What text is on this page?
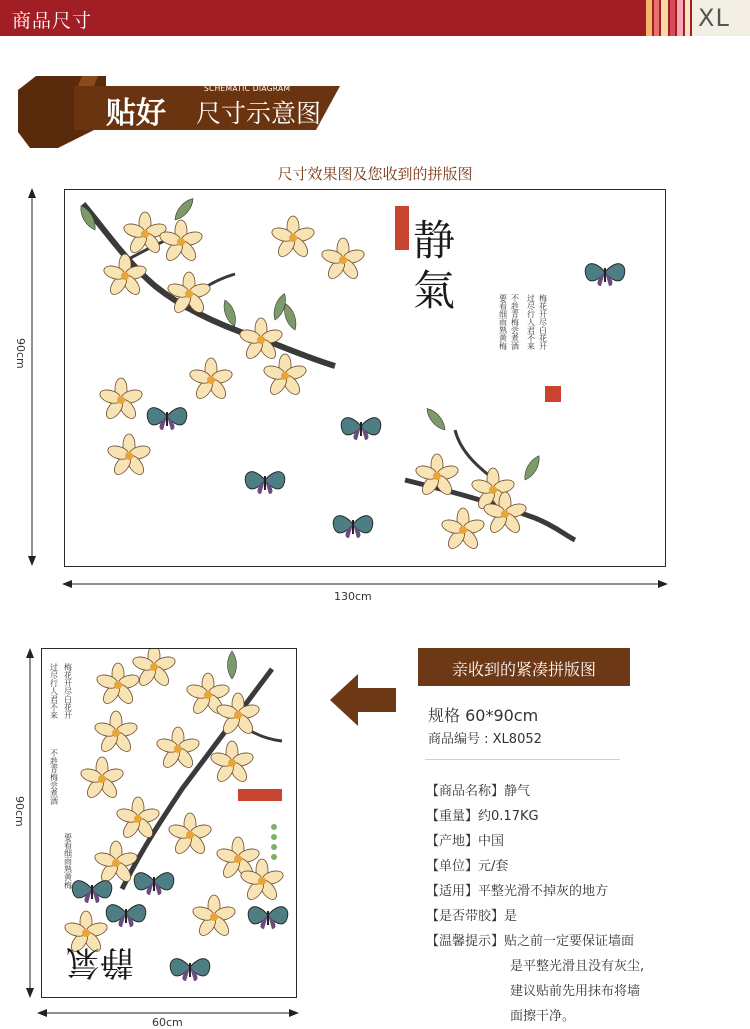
商品尺寸	XL
SCHEMATIC DIAGRAM
贴好 尺寸示意图
尺寸效果图及您收到的拼版图
90cm
梅花开尽白花开
过尽行人君不来
不趁青梅尝煮酒
要看细雨熟黄梅
静氣
130cm
90cm
过尽行人君不来 梅花开尽白花开
不趁青梅尝煮酒
要看细雨熟黄梅
静氣
60cm
亲收到的紧凑拼版图
规格 60*90cm
商品编号 : XL8052
【商品名称】静气
【重量】约0.17KG
【产地】中国
【单位】元/套
【适用】平整光滑不掉灰的地方
【是否带胶】是
【温馨提示】贴之前一定要保证墙面
是平整光滑且没有灰尘,
建议贴前先用抹布将墙
面擦干净。
